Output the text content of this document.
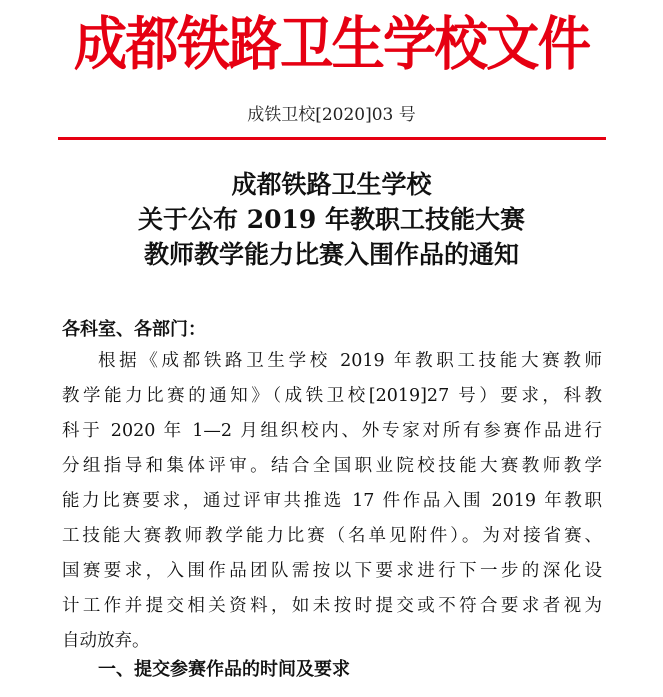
成都铁路卫生学校文件
成铁卫校[2020]03 号
成都铁路卫生学校
关于公布 2019 年教职工技能大赛
教师教学能力比赛入围作品的通知
各科室、各部门：
根据《成都铁路卫生学校 2019 年教职工技能大赛教师
教学能力比赛的通知》（成铁卫校[2019]27 号）要求，科教
科于 2020 年 1—2 月组织校内、外专家对所有参赛作品进行
分组指导和集体评审。结合全国职业院校技能大赛教师教学
能力比赛要求，通过评审共推选 17 件作品入围 2019 年教职
工技能大赛教师教学能力比赛（名单见附件）。为对接省赛、
国赛要求，入围作品团队需按以下要求进行下一步的深化设
计工作并提交相关资料，如未按时提交或不符合要求者视为
自动放弃。
一、提交参赛作品的时间及要求
